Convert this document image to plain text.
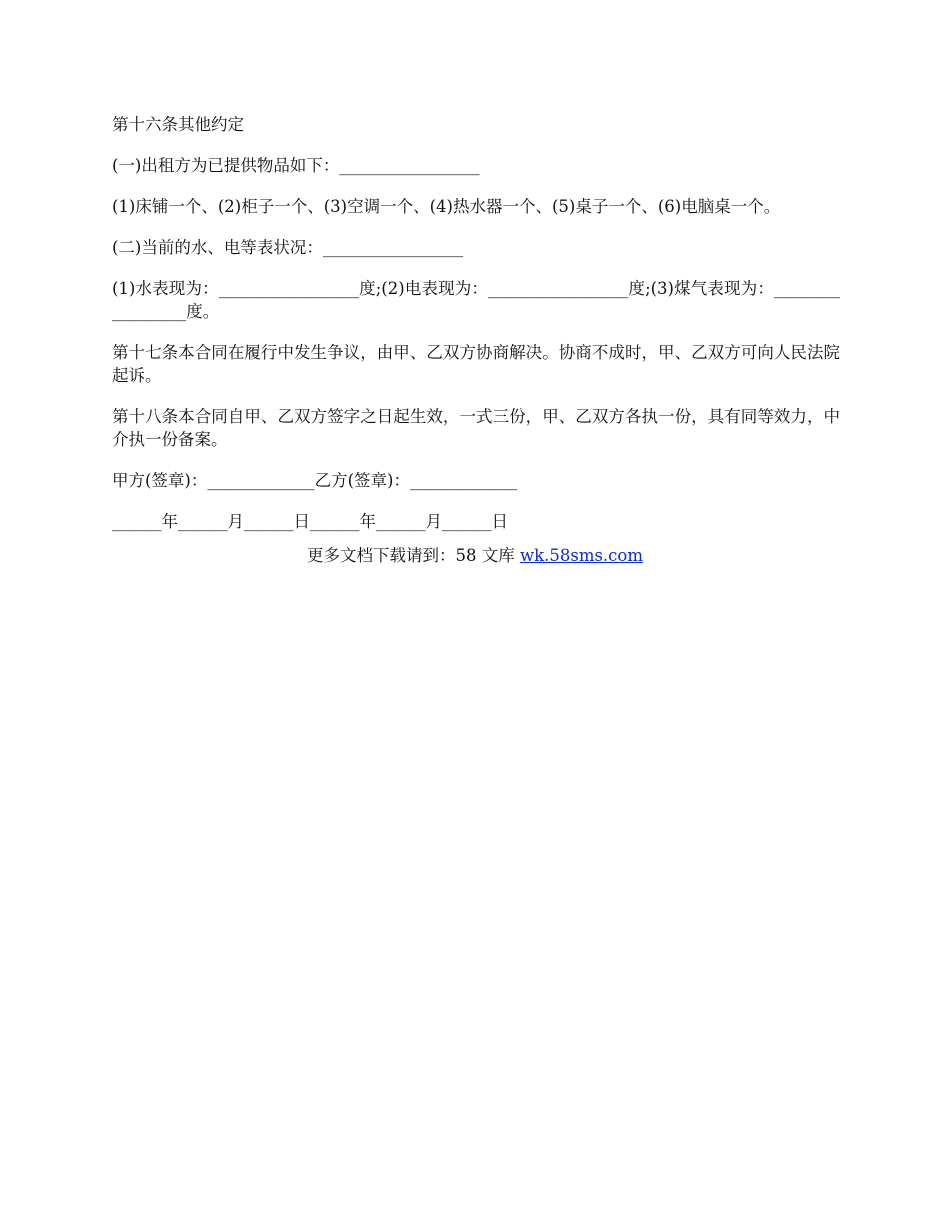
第十六条其他约定

(一)出租方为已提供物品如下：_________________

(1)床铺一个、(2)柜子一个、(3)空调一个、(4)热水器一个、(5)桌子一个、(6)电脑桌一个。

(二)当前的水、电等表状况：_________________

(1)水表现为：_________________度;(2)电表现为：_________________度;(3)煤气表现为：_________________度。

第十七条本合同在履行中发生争议，由甲、乙双方协商解决。协商不成时，甲、乙双方可向人民法院起诉。

第十八条本合同自甲、乙双方签字之日起生效，一式三份，甲、乙双方各执一份，具有同等效力，中介执一份备案。

甲方(签章)：_____________乙方(签章)：_____________

______年______月______日______年______月______日

更多文档下载请到：58 文库 wk.58sms.com
